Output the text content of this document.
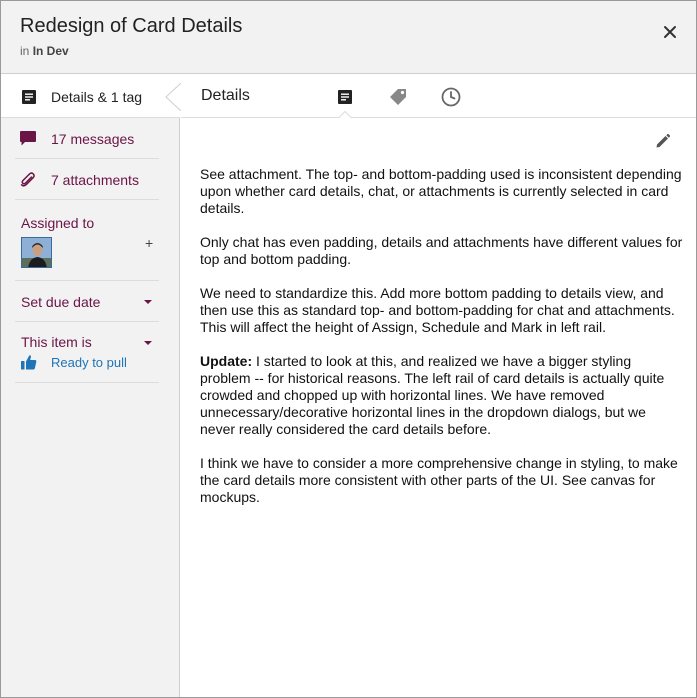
Redesign of Card Details
in In Dev
Details & 1 tag
17 messages
7 attachments
Assigned to
+
Set due date
This item is
Ready to pull
Details

See attachment. The top- and bottom-padding used is inconsistent depending upon whether card details, chat, or attachments is currently selected in card details.

Only chat has even padding, details and attachments have different values for top and bottom padding.

We need to standardize this. Add more bottom padding to details view, and then use this as standard top- and bottom-padding for chat and attachments. This will affect the height of Assign, Schedule and Mark in left rail.

Update: I started to look at this, and realized we have a bigger styling problem -- for historical reasons. The left rail of card details is actually quite crowded and chopped up with horizontal lines. We have removed unnecessary/decorative horizontal lines in the dropdown dialogs, but we never really considered the card details before.

I think we have to consider a more comprehensive change in styling, to make the card details more consistent with other parts of the UI. See canvas for mockups.
